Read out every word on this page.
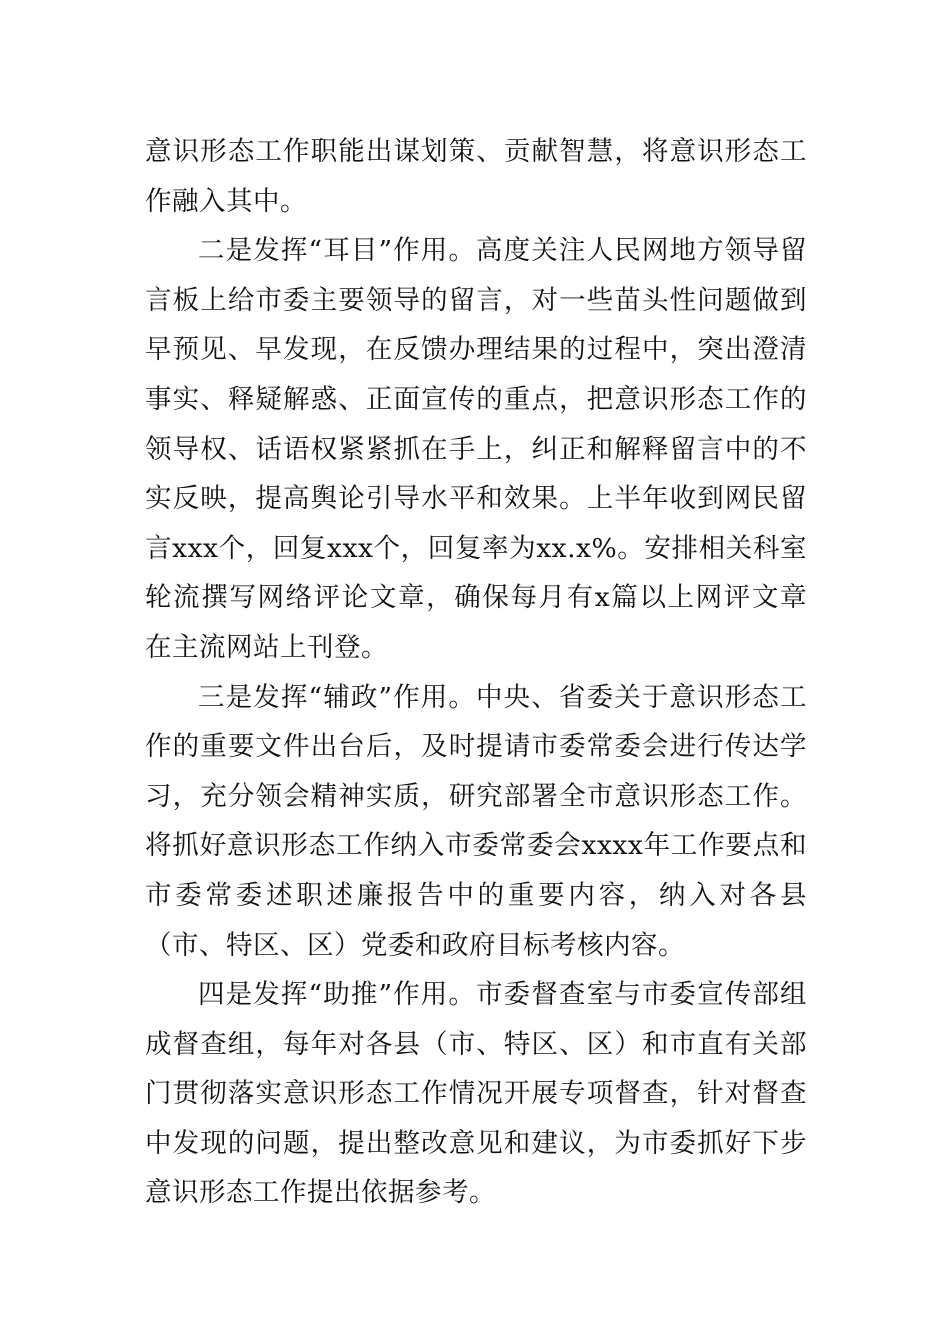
意识形态工作职能出谋划策、贡献智慧，将意识形态工作融入其中。

二是发挥“耳目”作用。高度关注人民网地方领导留言板上给市委主要领导的留言，对一些苗头性问题做到早预见、早发现，在反馈办理结果的过程中，突出澄清事实、释疑解惑、正面宣传的重点，把意识形态工作的领导权、话语权紧紧抓在手上，纠正和解释留言中的不实反映，提高舆论引导水平和效果。上半年收到网民留言xxx个，回复xxx个，回复率为xx.x%。安排相关科室轮流撰写网络评论文章，确保每月有x篇以上网评文章在主流网站上刊登。

三是发挥“辅政”作用。中央、省委关于意识形态工作的重要文件出台后，及时提请市委常委会进行传达学习，充分领会精神实质，研究部署全市意识形态工作。将抓好意识形态工作纳入市委常委会xxxx年工作要点和市委常委述职述廉报告中的重要内容，纳入对各县（市、特区、区）党委和政府目标考核内容。

四是发挥“助推”作用。市委督查室与市委宣传部组成督查组，每年对各县（市、特区、区）和市直有关部门贯彻落实意识形态工作情况开展专项督查，针对督查中发现的问题，提出整改意见和建议，为市委抓好下步意识形态工作提出依据参考。
